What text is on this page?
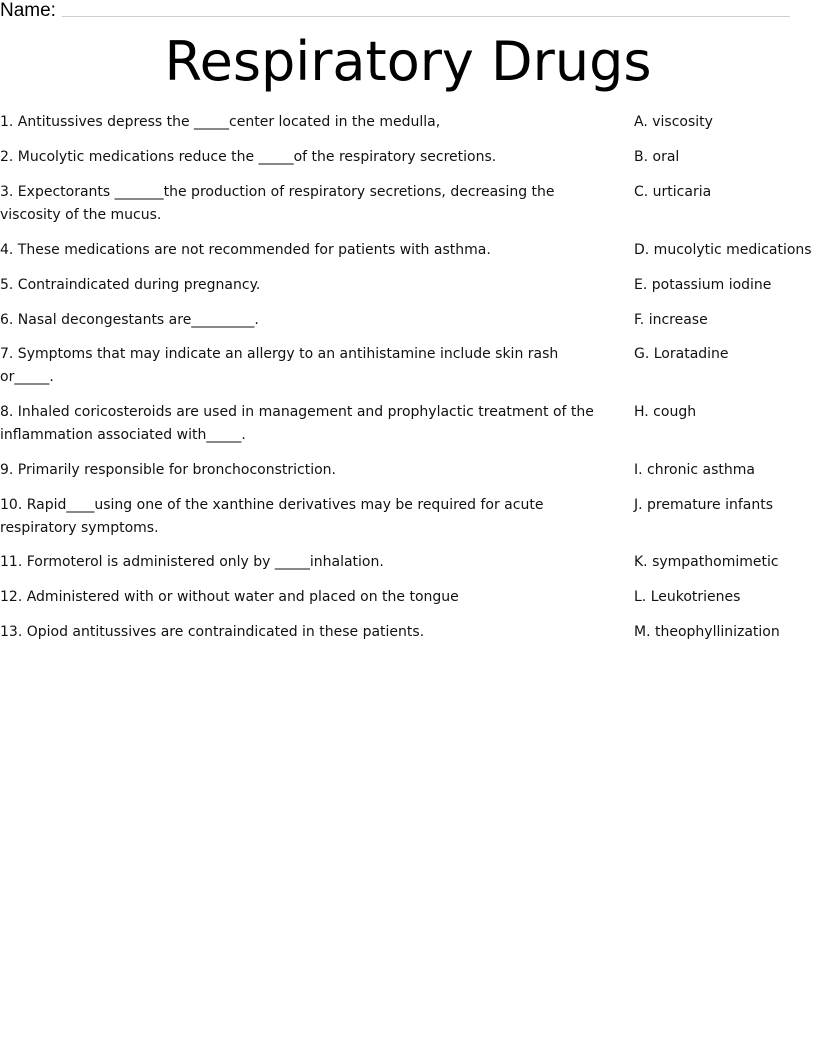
Name:
Respiratory Drugs
1. Antitussives depress the _____center located in the medulla,
2. Mucolytic medications reduce the _____of the respiratory secretions.
3. Expectorants _______the production of respiratory secretions, decreasing the viscosity of the mucus.
4. These medications are not recommended for patients with asthma.
5. Contraindicated during pregnancy.
6. Nasal decongestants are_________.
7. Symptoms that may indicate an allergy to an antihistamine include skin rash or_____.
8. Inhaled coricosteroids are used in management and prophylactic treatment of the inflammation associated with_____.
9. Primarily responsible for bronchoconstriction.
10. Rapid____using one of the xanthine derivatives may be required for acute respiratory symptoms.
11. Formoterol is administered only by _____inhalation.
12. Administered with or without water and placed on the tongue
13. Opiod antitussives are contraindicated in these patients.
A. viscosity
B. oral
C. urticaria
D. mucolytic medications
E. potassium iodine
F. increase
G. Loratadine
H. cough
I. chronic asthma
J. premature infants
K. sympathomimetic
L. Leukotrienes
M. theophyllinization
